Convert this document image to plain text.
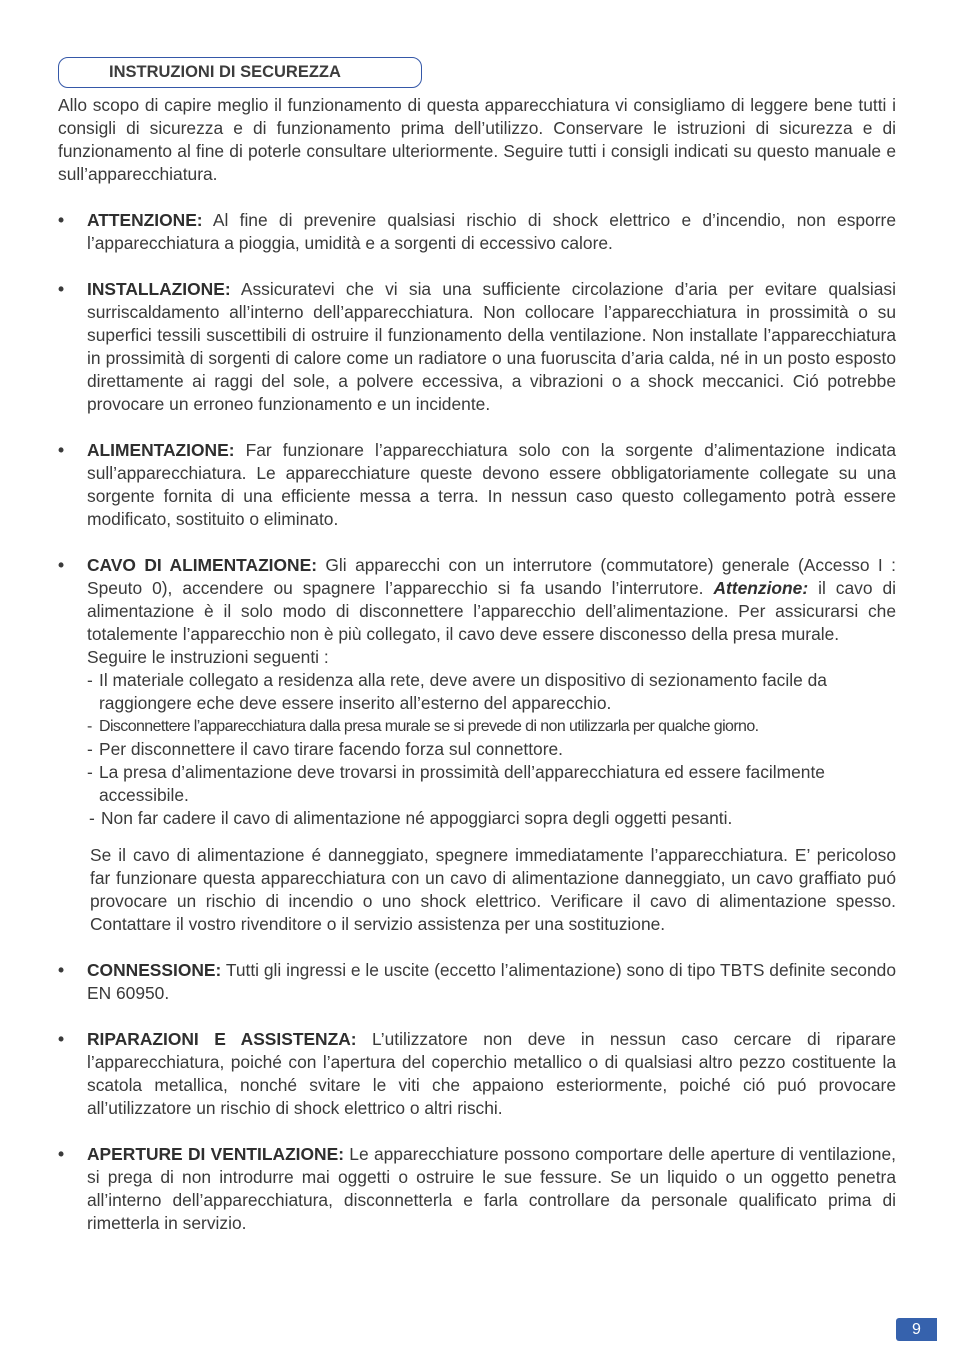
INSTRUZIONI DI SECUREZZA

Allo scopo di capire meglio il funzionamento di questa apparecchiatura vi consigliamo di leggere bene tutti i consigli di sicurezza e di funzionamento prima dell’utilizzo. Conservare le istruzioni di sicurezza e di funzionamento al fine di poterle consultare ulteriormente. Seguire tutti i consigli indicati su questo manuale e sull’apparecchiatura.

• ATTENZIONE: Al fine di prevenire qualsiasi rischio di shock elettrico e d’incendio, non esporre l’apparecchiatura a pioggia, umidità e a sorgenti di eccessivo calore.

• INSTALLAZIONE: Assicuratevi che vi sia una sufficiente circolazione d’aria per evitare qualsiasi surriscaldamento all’interno dell’apparecchiatura. Non collocare l’apparecchiatura in prossimità o su superfici tessili suscettibili di ostruire il funzionamento della ventilazione. Non installate l’apparecchiatura in prossimità di sorgenti di calore come un radiatore o una fuoruscita d’aria calda, né in un posto esposto direttamente ai raggi del sole, a polvere eccessiva, a vibrazioni o a shock meccanici. Ció potrebbe provocare un erroneo funzionamento e un incidente.

• ALIMENTAZIONE: Far funzionare l’apparecchiatura solo con la sorgente d’alimentazione indicata sull’apparecchiatura. Le apparecchiature queste devono essere obbligatoriamente collegate su una sorgente fornita di una efficiente messa a terra. In nessun caso questo collegamento potrà essere modificato, sostituito o eliminato.

• CAVO DI ALIMENTAZIONE: Gli apparecchi con un interrutore (commutatore) generale (Accesso I : Speuto 0), accendere ou spagnere l’apparecchio si fa usando l’interrutore. Attenzione: il cavo di alimentazione è il solo modo di disconnettere l’apparecchio dell’alimentazione. Per assicurarsi che totalemente l’apparecchio non è più collegato, il cavo deve essere disconesso della presa murale.

Seguire le instruzioni seguenti :

- Il materiale collegato a residenza alla rete, deve avere un dispositivo di sezionamento facile da raggiongere eche deve essere inserito all’esterno del apparecchio.
- Disconnettere l’apparecchiatura dalla presa murale se si prevede di non utilizzarla per qualche giorno.
- Per disconnettere il cavo tirare facendo forza sul connettore.
- La presa d’alimentazione deve trovarsi in prossimità dell’apparecchiatura ed essere facilmente accessibile.
- Non far cadere il cavo di alimentazione né appoggiarci sopra degli oggetti pesanti.

Se il cavo di alimentazione é danneggiato, spegnere immediatamente l’apparecchiatura. E’ pericoloso far funzionare questa apparecchiatura con un cavo di alimentazione danneggiato, un cavo graffiato puó provocare un rischio di incendio o uno shock elettrico. Verificare il cavo di alimentazione spesso. Contattare il vostro rivenditore o il servizio assistenza per una sostituzione.

• CONNESSIONE: Tutti gli ingressi e le uscite (eccetto l’alimentazione) sono di tipo TBTS definite secondo EN 60950.

• RIPARAZIONI E ASSISTENZA: L’utilizzatore non deve in nessun caso cercare di riparare l’apparecchiatura, poiché con l’apertura del coperchio metallico o di qualsiasi altro pezzo costituente la scatola metallica, nonché svitare le viti che appaiono esteriormente, poiché ció puó provocare all’utilizzatore un rischio di shock elettrico o altri rischi.

• APERTURE DI VENTILAZIONE: Le apparecchiature possono comportare delle aperture di ventilazione, si prega di non introdurre mai oggetti o ostruire le sue fessure. Se un liquido o un oggetto penetra all’interno dell’apparecchiatura, disconnetterla e farla controllare da personale qualificato prima di rimetterla in servizio.

9
